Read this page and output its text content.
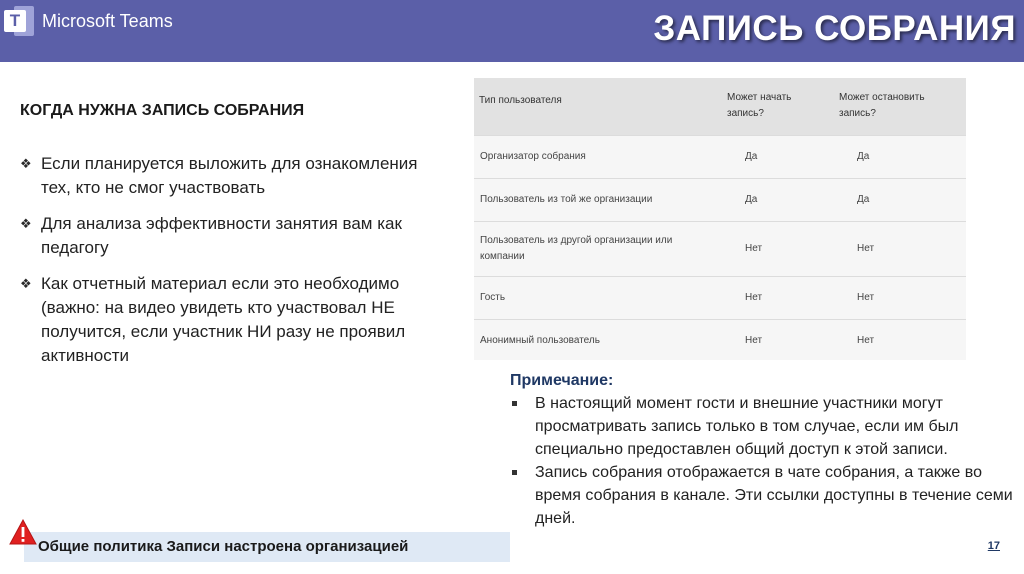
T	Microsoft Teams	ЗАПИСЬ СОБРАНИЯ
КОГДА НУЖНА ЗАПИСЬ СОБРАНИЯ
❖ Если планируется выложить для ознакомления тех, кто не смог участвовать
❖ Для анализа эффективности занятия вам как педагогу
❖ Как отчетный материал если это необходимо (важно: на видео увидеть кто участвовал НЕ получится, если участник НИ разу не проявил активности
Тип пользователя	Может начать запись?	Может остановить запись?
Организатор собрания	Да	Да
Пользователь из той же организации	Да	Да
Пользователь из другой организации или компании	Нет	Нет
Гость	Нет	Нет
Анонимный пользователь	Нет	Нет
Примечание:
В настоящий момент гости и внешние участники могут просматривать запись только в том случае, если им был специально предоставлен общий доступ к этой записи.
Запись собрания отображается в чате собрания, а также во время собрания в канале. Эти ссылки доступны в течение семи дней.
Общие политика Записи настроена организацией	17
